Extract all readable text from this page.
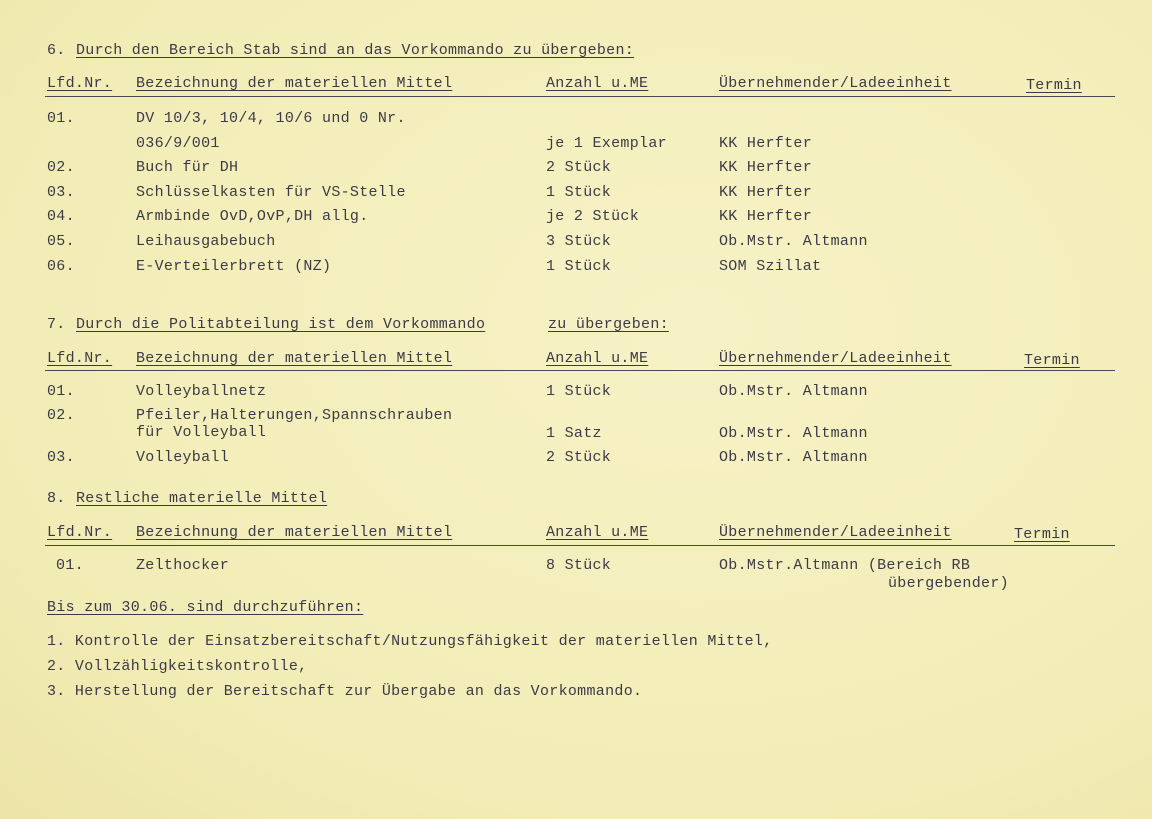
6. Durch den Bereich Stab sind an das Vorkommando zu übergeben:
Lfd.Nr. Bezeichnung der materiellen Mittel	Anzahl u.ME	Übernehmender/Ladeeinheit	Termin
01.	DV 10/3, 10/4, 10/6 und 0 Nr.
036/9/001	je 1 Exemplar	KK Herfter
02.	Buch für DH	2 Stück	KK Herfter
03.	Schlüsselkasten für VS-Stelle	1 Stück	KK Herfter
04.	Armbinde OvD,OvP,DH allg.	je 2 Stück	KK Herfter
05.	Leihausgabebuch	3 Stück	Ob.Mstr. Altmann
06.	E-Verteilerbrett (NZ)	1 Stück	SOM Szillat
7. Durch die Politabteilung ist dem Vorkommando	zu übergeben:
Lfd.Nr. Bezeichnung der materiellen Mittel	Anzahl u.ME	Übernehmender/Ladeeinheit	Termin
01.	Volleyballnetz	1 Stück	Ob.Mstr. Altmann
02.	Pfeiler,Halterungen,Spannschrauben
für Volleyball	1 Satz	Ob.Mstr. Altmann
03.	Volleyball	2 Stück	Ob.Mstr. Altmann
8. Restliche materielle Mittel
Lfd.Nr. Bezeichnung der materiellen Mittel	Anzahl u.ME	Übernehmender/Ladeeinheit	Termin
01.	Zelthocker	8 Stück	Ob.Mstr.Altmann (Bereich RB
übergebender)
Bis zum 30.06. sind durchzuführen:
1. Kontrolle der Einsatzbereitschaft/Nutzungsfähigkeit der materiellen Mittel,
2. Vollzähligkeitskontrolle,
3. Herstellung der Bereitschaft zur Übergabe an das Vorkommando.
